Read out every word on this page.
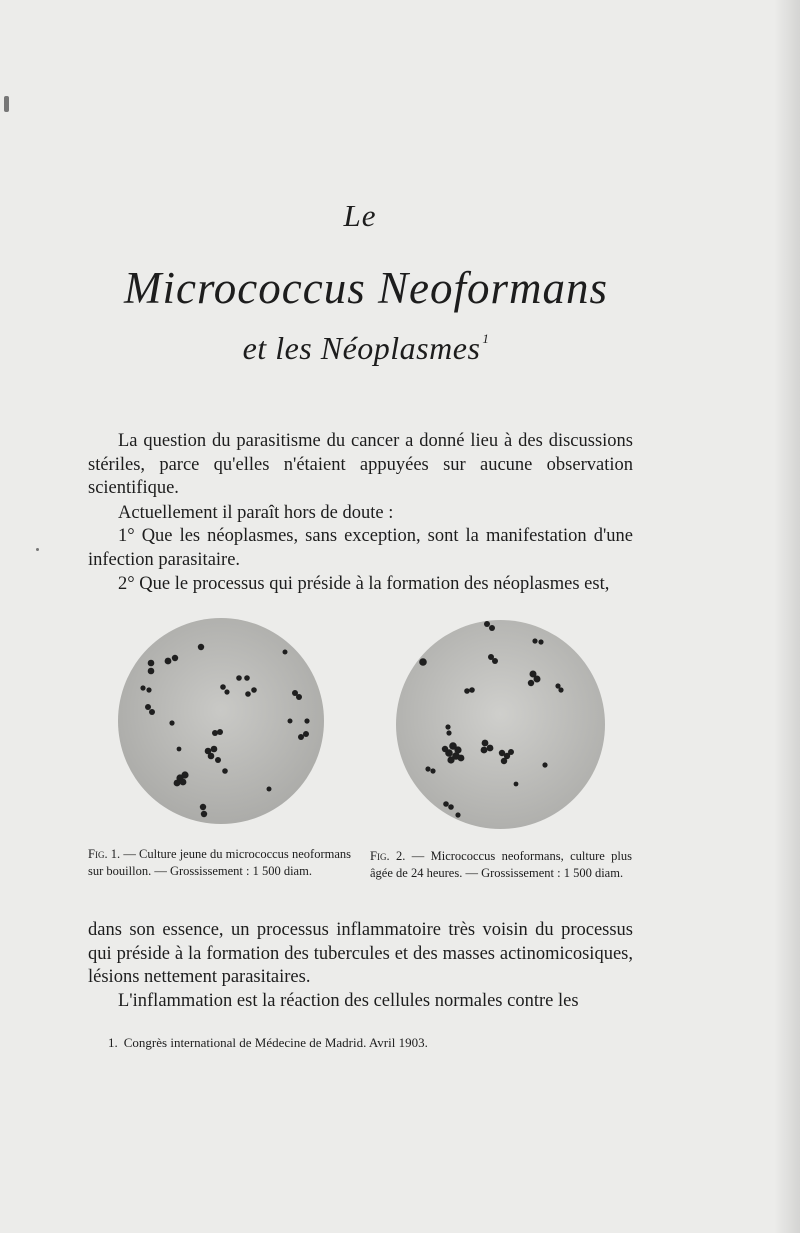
Le
Micrococcus Neoformans
et les Néoplasmes $^1$

La question du parasitisme du cancer a donné lieu à des discussions stériles, parce qu'elles n'étaient appuyées sur aucune observation scientifique.

Actuellement il paraît hors de doute :

1° Que les néoplasmes, sans exception, sont la manifestation d'une infection parasitaire.

2° Que le processus qui préside à la formation des néoplasmes est,

Fig. 1. — Culture jeune du micrococcus neoformans sur bouillon. — Grossissement : 1 500 diam.

Fig. 2. — Micrococcus neoformans, culture plus âgée de 24 heures. — Grossissement : 1 500 diam.

dans son essence, un processus inflammatoire très voisin du processus qui préside à la formation des tubercules et des masses actinomicosiques, lésions nettement parasitaires.

L'inflammation est la réaction des cellules normales contre les

1. Congrès international de Médecine de Madrid. Avril 1903.
